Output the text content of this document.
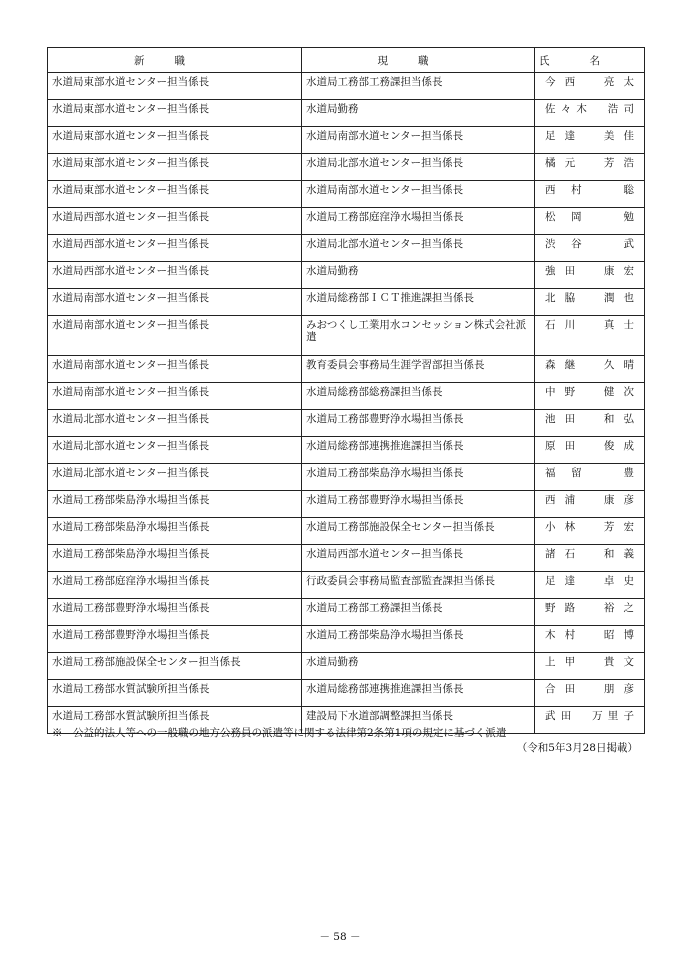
新職	現職	氏名
水道局東部水道センター担当係長	水道局工務部工務課担当係長	今西　亮太
水道局東部水道センター担当係長	水道局勤務	佐々木　浩司
水道局東部水道センター担当係長	水道局南部水道センター担当係長	足達　美佳
水道局東部水道センター担当係長	水道局北部水道センター担当係長	橘元　芳浩
水道局東部水道センター担当係長	水道局南部水道センター担当係長	西村　聡
水道局西部水道センター担当係長	水道局工務部庭窪浄水場担当係長	松岡　勉
水道局西部水道センター担当係長	水道局北部水道センター担当係長	渋谷　武
水道局西部水道センター担当係長	水道局勤務	強田　康宏
水道局南部水道センター担当係長	水道局総務部ＩＣＴ推進課担当係長	北脇　潤也
水道局南部水道センター担当係長	みおつくし工業用水コンセッション株式会社派遣	石川　真士
水道局南部水道センター担当係長	教育委員会事務局生涯学習部担当係長	森継　久晴
水道局南部水道センター担当係長	水道局総務部総務課担当係長	中野　健次
水道局北部水道センター担当係長	水道局工務部豊野浄水場担当係長	池田　和弘
水道局北部水道センター担当係長	水道局総務部連携推進課担当係長	原田　俊成
水道局北部水道センター担当係長	水道局工務部柴島浄水場担当係長	福留　豊
水道局工務部柴島浄水場担当係長	水道局工務部豊野浄水場担当係長	西浦　康彦
水道局工務部柴島浄水場担当係長	水道局工務部施設保全センター担当係長	小林　芳宏
水道局工務部柴島浄水場担当係長	水道局西部水道センター担当係長	諸石　和義
水道局工務部庭窪浄水場担当係長	行政委員会事務局監査部監査課担当係長	足達　卓史
水道局工務部豊野浄水場担当係長	水道局工務部工務課担当係長	野路　裕之
水道局工務部豊野浄水場担当係長	水道局工務部柴島浄水場担当係長	木村　昭博
水道局工務部施設保全センター担当係長	水道局勤務	上甲　貴文
水道局工務部水質試験所担当係長	水道局総務部連携推進課担当係長	合田　朋彦
水道局工務部水質試験所担当係長	建設局下水道部調整課担当係長	武田　万里子
※　公益的法人等への一般職の地方公務員の派遣等に関する法律第2条第1項の規定に基づく派遣
（令和5年3月28日掲載）
－ 58 －
